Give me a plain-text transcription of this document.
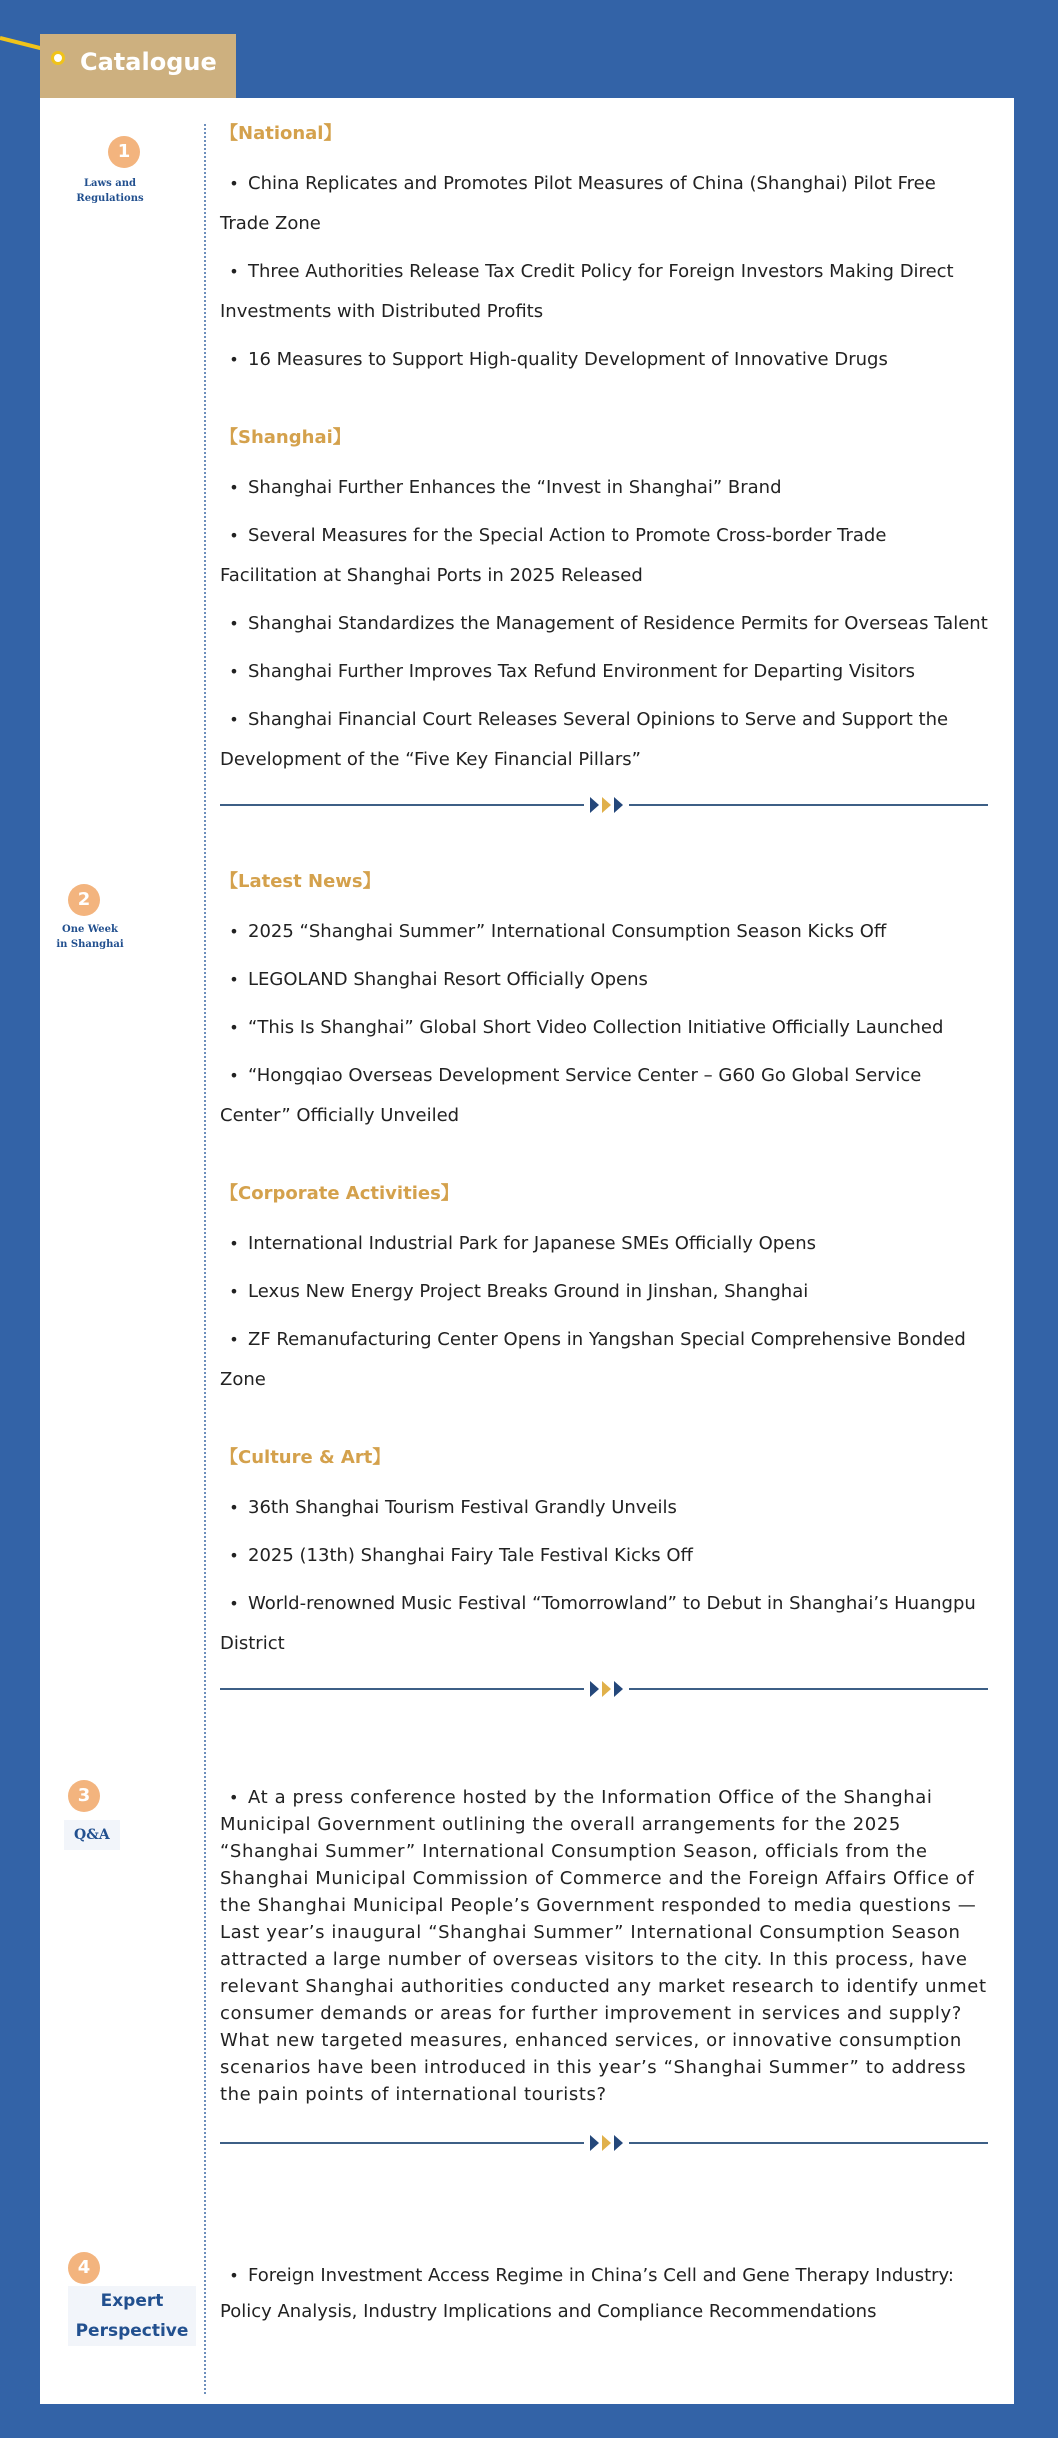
Catalogue
1
Laws and
Regulations
【National】

• China Replicates and Promotes Pilot Measures of China (Shanghai) Pilot Free Trade Zone

• Three Authorities Release Tax Credit Policy for Foreign Investors Making Direct Investments with Distributed Profits

• 16 Measures to Support High-quality Development of Innovative Drugs

【Shanghai】

• Shanghai Further Enhances the “Invest in Shanghai” Brand

• Several Measures for the Special Action to Promote Cross-border Trade Facilitation at Shanghai Ports in 2025 Released

• Shanghai Standardizes the Management of Residence Permits for Overseas Talent

• Shanghai Further Improves Tax Refund Environment for Departing Visitors

• Shanghai Financial Court Releases Several Opinions to Serve and Support the Development of the “Five Key Financial Pillars”

2
One Week
in Shanghai
【Latest News】

• 2025 “Shanghai Summer” International Consumption Season Kicks Off

• LEGOLAND Shanghai Resort Officially Opens

• “This Is Shanghai” Global Short Video Collection Initiative Officially Launched

• “Hongqiao Overseas Development Service Center – G60 Go Global Service Center” Officially Unveiled

【Corporate Activities】

• International Industrial Park for Japanese SMEs Officially Opens

• Lexus New Energy Project Breaks Ground in Jinshan, Shanghai

• ZF Remanufacturing Center Opens in Yangshan Special Comprehensive Bonded Zone

【Culture & Art】

• 36th Shanghai Tourism Festival Grandly Unveils

• 2025 (13th) Shanghai Fairy Tale Festival Kicks Off

• World-renowned Music Festival “Tomorrowland” to Debut in Shanghai’s Huangpu District

3
Q&A

• At a press conference hosted by the Information Office of the Shanghai Municipal Government outlining the overall arrangements for the 2025 “Shanghai Summer” International Consumption Season, officials from the Shanghai Municipal Commission of Commerce and the Foreign Affairs Office of the Shanghai Municipal People’s Government responded to media questions — Last year’s inaugural “Shanghai Summer” International Consumption Season attracted a large number of overseas visitors to the city. In this process, have relevant Shanghai authorities conducted any market research to identify unmet consumer demands or areas for further improvement in services and supply? What new targeted measures, enhanced services, or innovative consumption scenarios have been introduced in this year’s “Shanghai Summer” to address the pain points of international tourists?

4
Expert
Perspective

• Foreign Investment Access Regime in China’s Cell and Gene Therapy Industry: Policy Analysis, Industry Implications and Compliance Recommendations
